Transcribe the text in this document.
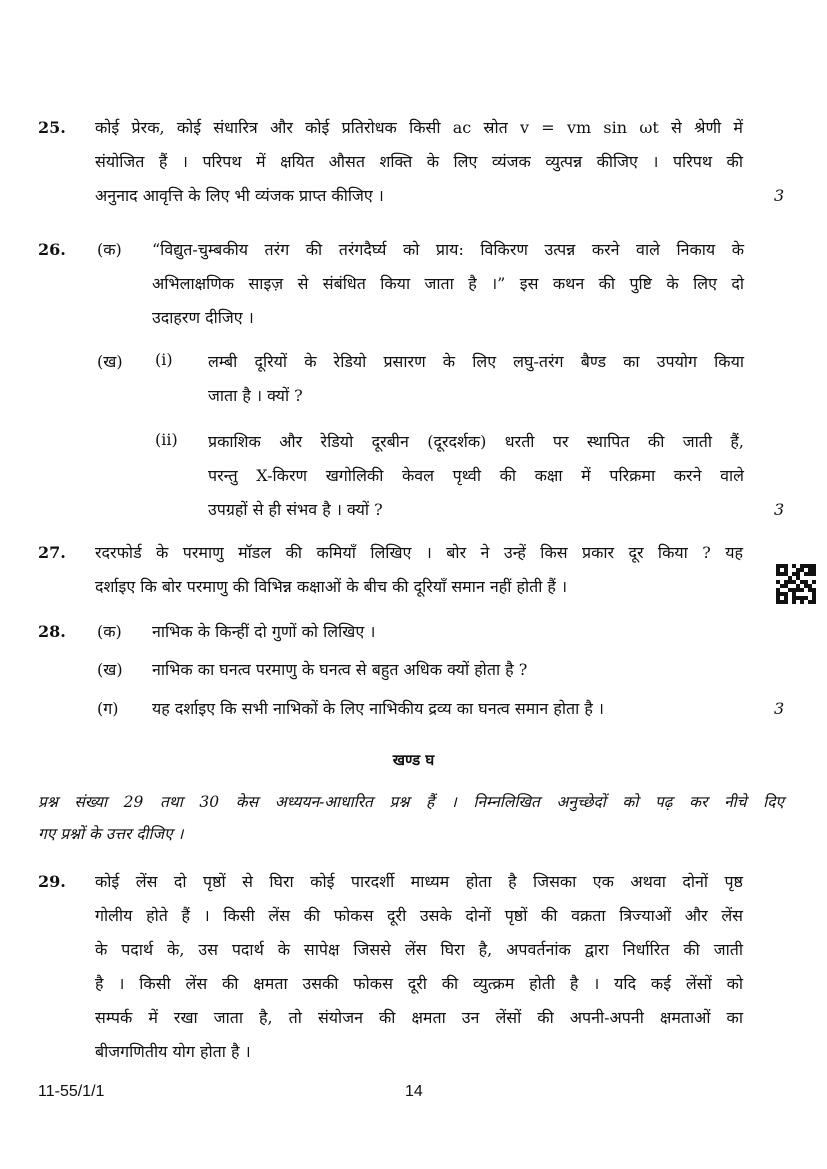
25. कोई प्रेरक, कोई संधारित्र और कोई प्रतिरोधक किसी ac स्रोत v = vm sin ωt से श्रेणी में
संयोजित हैं । परिपथ में क्षयित औसत शक्ति के लिए व्यंजक व्युत्पन्न कीजिए । परिपथ की
अनुनाद आवृत्ति के लिए भी व्यंजक प्राप्त कीजिए ।	3
26. (क) “विद्युत-चुम्बकीय तरंग की तरंगदैर्घ्य को प्राय: विकिरण उत्पन्न करने वाले निकाय के
अभिलाक्षणिक साइज़ से संबंधित किया जाता है ।” इस कथन की पुष्टि के लिए दो
उदाहरण दीजिए ।
(ख) (i) लम्बी दूरियों के रेडियो प्रसारण के लिए लघु-तरंग बैण्ड का उपयोग किया
जाता है । क्यों ?
(ii) प्रकाशिक और रेडियो दूरबीन (दूरदर्शक) धरती पर स्थापित की जाती हैं,
परन्तु X-किरण खगोलिकी केवल पृथ्वी की कक्षा में परिक्रमा करने वाले
उपग्रहों से ही संभव है । क्यों ?	3
27. रदरफोर्ड के परमाणु मॉडल की कमियाँ लिखिए । बोर ने उन्हें किस प्रकार दूर किया ? यह
दर्शाइए कि बोर परमाणु की विभिन्न कक्षाओं के बीच की दूरियाँ समान नहीं होती हैं ।
28. (क) नाभिक के किन्हीं दो गुणों को लिखिए ।
(ख) नाभिक का घनत्व परमाणु के घनत्व से बहुत अधिक क्यों होता है ?
(ग) यह दर्शाइए कि सभी नाभिकों के लिए नाभिकीय द्रव्य का घनत्व समान होता है ।	3
खण्ड घ
प्रश्न संख्या 29 तथा 30 केस अध्ययन-आधारित प्रश्न हैं । निम्नलिखित अनुच्छेदों को पढ़ कर नीचे दिए
गए प्रश्नों के उत्तर दीजिए ।
29. कोई लेंस दो पृष्ठों से घिरा कोई पारदर्शी माध्यम होता है जिसका एक अथवा दोनों पृष्ठ
गोलीय होते हैं । किसी लेंस की फोकस दूरी उसके दोनों पृष्ठों की वक्रता त्रिज्याओं और लेंस
के पदार्थ के, उस पदार्थ के सापेक्ष जिससे लेंस घिरा है, अपवर्तनांक द्वारा निर्धारित की जाती
है । किसी लेंस की क्षमता उसकी फोकस दूरी की व्युत्क्रम होती है । यदि कई लेंसों को
सम्पर्क में रखा जाता है, तो संयोजन की क्षमता उन लेंसों की अपनी-अपनी क्षमताओं का
बीजगणितीय योग होता है ।
11-55/1/1	14
